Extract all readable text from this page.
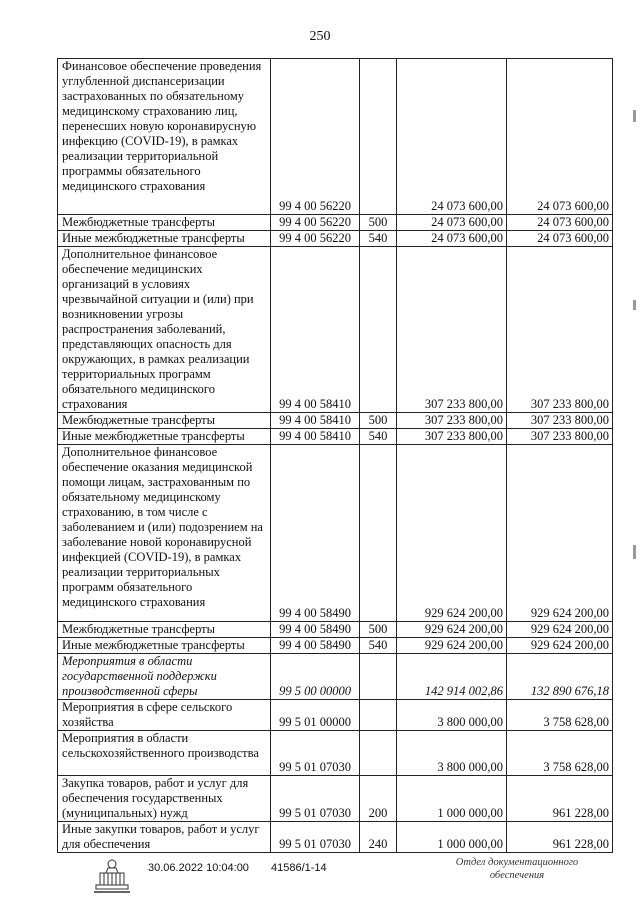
250
Финансовое обеспечение проведения углубленной диспансеризации застрахованных по обязательному медицинскому страхованию лиц, перенесших новую коронавирусную инфекцию (COVID-19), в рамках реализации территориальной программы обязательного медицинского страхования	99 4 00 56220		24 073 600,00	24 073 600,00
Межбюджетные трансферты	99 4 00 56220	500	24 073 600,00	24 073 600,00
Иные межбюджетные трансферты	99 4 00 56220	540	24 073 600,00	24 073 600,00
Дополнительное финансовое обеспечение медицинских организаций в условиях чрезвычайной ситуации и (или) при возникновении угрозы распространения заболеваний, представляющих опасность для окружающих, в рамках реализации территориальных программ обязательного медицинского страхования	99 4 00 58410		307 233 800,00	307 233 800,00
Межбюджетные трансферты	99 4 00 58410	500	307 233 800,00	307 233 800,00
Иные межбюджетные трансферты	99 4 00 58410	540	307 233 800,00	307 233 800,00
Дополнительное финансовое обеспечение оказания медицинской помощи лицам, застрахованным по обязательному медицинскому страхованию, в том числе с заболеванием и (или) подозрением на заболевание новой коронавирусной инфекцией (COVID-19), в рамках реализации территориальных программ обязательного медицинского страхования	99 4 00 58490		929 624 200,00	929 624 200,00
Межбюджетные трансферты	99 4 00 58490	500	929 624 200,00	929 624 200,00
Иные межбюджетные трансферты	99 4 00 58490	540	929 624 200,00	929 624 200,00
Мероприятия в области государственной поддержки производственной сферы	99 5 00 00000		142 914 002,86	132 890 676,18
Мероприятия в сфере сельского хозяйства	99 5 01 00000		3 800 000,00	3 758 628,00
Мероприятия в области сельскохозяйственного производства	99 5 01 07030		3 800 000,00	3 758 628,00
Закупка товаров, работ и услуг для обеспечения государственных (муниципальных) нужд	99 5 01 07030	200	1 000 000,00	961 228,00
Иные закупки товаров, работ и услуг для обеспечения	99 5 01 07030	240	1 000 000,00	961 228,00
30.06.2022 10:04:00 41586/1-14	Отдел документационного
обеспечения
